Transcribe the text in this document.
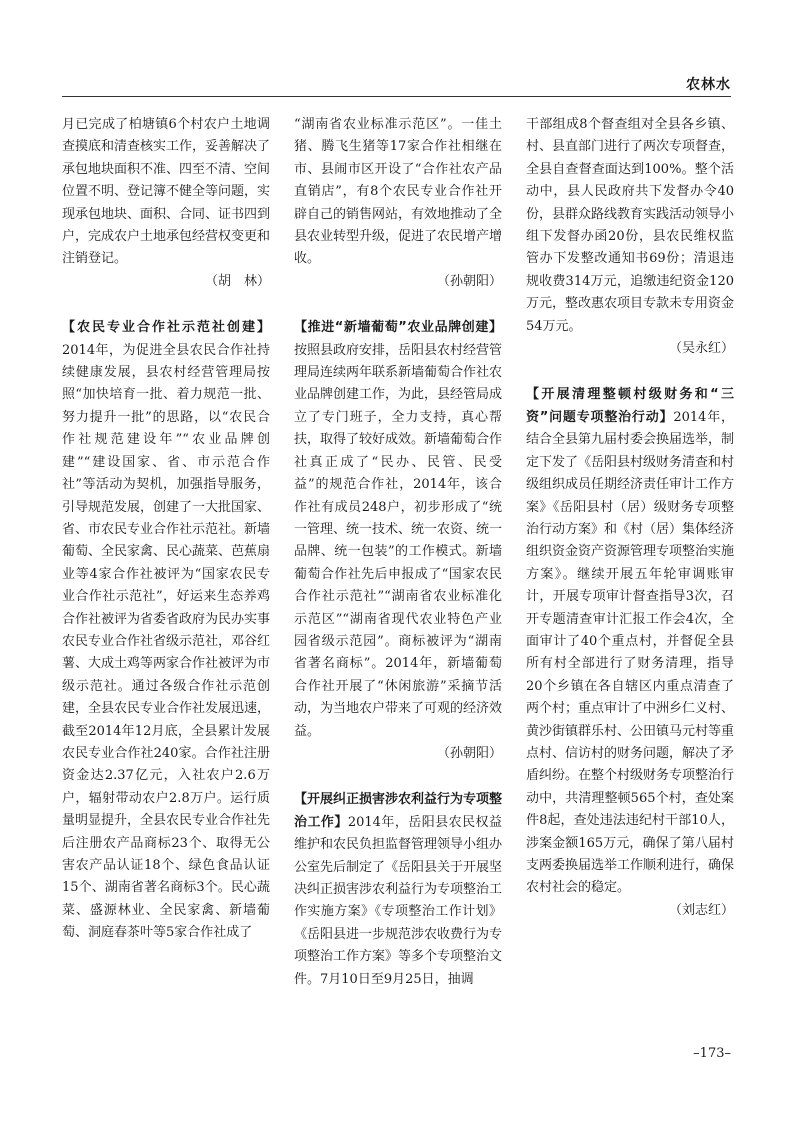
农林水

月已完成了柏塘镇6个村农户土地调查摸底和清查核实工作，妥善解决了承包地块面积不准、四至不清、空间位置不明、登记簿不健全等问题，实现承包地块、面积、合同、证书四到户，完成农户土地承包经营权变更和注销登记。

（胡　林）

【农民专业合作社示范社创建】2014年，为促进全县农民合作社持续健康发展，县农村经营管理局按照“加快培育一批、着力规范一批、努力提升一批”的思路，以“农民合作社规范建设年”“农业品牌创建”“建设国家、省、市示范合作社”等活动为契机，加强指导服务，引导规范发展，创建了一大批国家、省、市农民专业合作社示范社。新墙葡萄、全民家禽、民心蔬菜、芭蕉扇业等4家合作社被评为“国家农民专业合作社示范社”，好运来生态养鸡合作社被评为省委省政府为民办实事农民专业合作社省级示范社，邓谷红薯、大成土鸡等两家合作社被评为市级示范社。通过各级合作社示范创建，全县农民专业合作社发展迅速，截至2014年12月底，全县累计发展农民专业合作社240家。合作社注册资金达2.37亿元，入社农户2.6万户，辐射带动农户2.8万户。运行质量明显提升，全县农民专业合作社先后注册农产品商标23个、取得无公害农产品认证18个、绿色食品认证15个、湖南省著名商标3个。民心蔬菜、盛源林业、全民家禽、新墙葡萄、洞庭春茶叶等5家合作社成了

“湖南省农业标准示范区”。一佳土猪、腾飞生猪等17家合作社相继在市、县闹市区开设了“合作社农产品直销店”，有8个农民专业合作社开辟自己的销售网站，有效地推动了全县农业转型升级，促进了农民增产增收。

（孙朝阳）

【推进“新墙葡萄”农业品牌创建】按照县政府安排，岳阳县农村经营管理局连续两年联系新墙葡萄合作社农业品牌创建工作，为此，县经管局成立了专门班子，全力支持，真心帮扶，取得了较好成效。新墙葡萄合作社真正成了“民办、民管、民受益”的规范合作社，2014年，该合作社有成员248户，初步形成了“统一管理、统一技术、统一农资、统一品牌、统一包装”的工作模式。新墙葡萄合作社先后申报成了“国家农民合作社示范社”“湖南省农业标准化示范区”“湖南省现代农业特色产业园省级示范园”。商标被评为“湖南省著名商标”。2014年，新墙葡萄合作社开展了“休闲旅游”采摘节活动，为当地农户带来了可观的经济效益。

（孙朝阳）

【开展纠正损害涉农利益行为专项整治工作】2014年，岳阳县农民权益维护和农民负担监督管理领导小组办公室先后制定了《岳阳县关于开展坚决纠正损害涉农利益行为专项整治工作实施方案》《专项整治工作计划》《岳阳县进一步规范涉农收费行为专项整治工作方案》等多个专项整治文件。7月10日至9月25日，抽调

干部组成8个督查组对全县各乡镇、村、县直部门进行了两次专项督查，全县自查督查面达到100%。整个活动中，县人民政府共下发督办令40份，县群众路线教育实践活动领导小组下发督办函20份，县农民维权监管办下发整改通知书69份；清退违规收费314万元，追缴违纪资金120万元，整改惠农项目专款未专用资金54万元。

（吴永红）

【开展清理整顿村级财务和“三资”问题专项整治行动】2014年，结合全县第九届村委会换届选举，制定下发了《岳阳县村级财务清查和村级组织成员任期经济责任审计工作方案》《岳阳县村（居）级财务专项整治行动方案》和《村（居）集体经济组织资金资产资源管理专项整治实施方案》。继续开展五年轮审调账审计，开展专项审计督查指导3次，召开专题清查审计汇报工作会4次，全面审计了40个重点村，并督促全县所有村全部进行了财务清理，指导20个乡镇在各自辖区内重点清查了两个村；重点审计了中洲乡仁义村、黄沙街镇群乐村、公田镇马元村等重点村、信访村的财务问题，解决了矛盾纠纷。在整个村级财务专项整治行动中，共清理整顿565个村，查处案件8起，查处违法违纪村干部10人，涉案金额165万元，确保了第八届村支两委换届选举工作顺利进行，确保农村社会的稳定。

（刘志红）

–173–
